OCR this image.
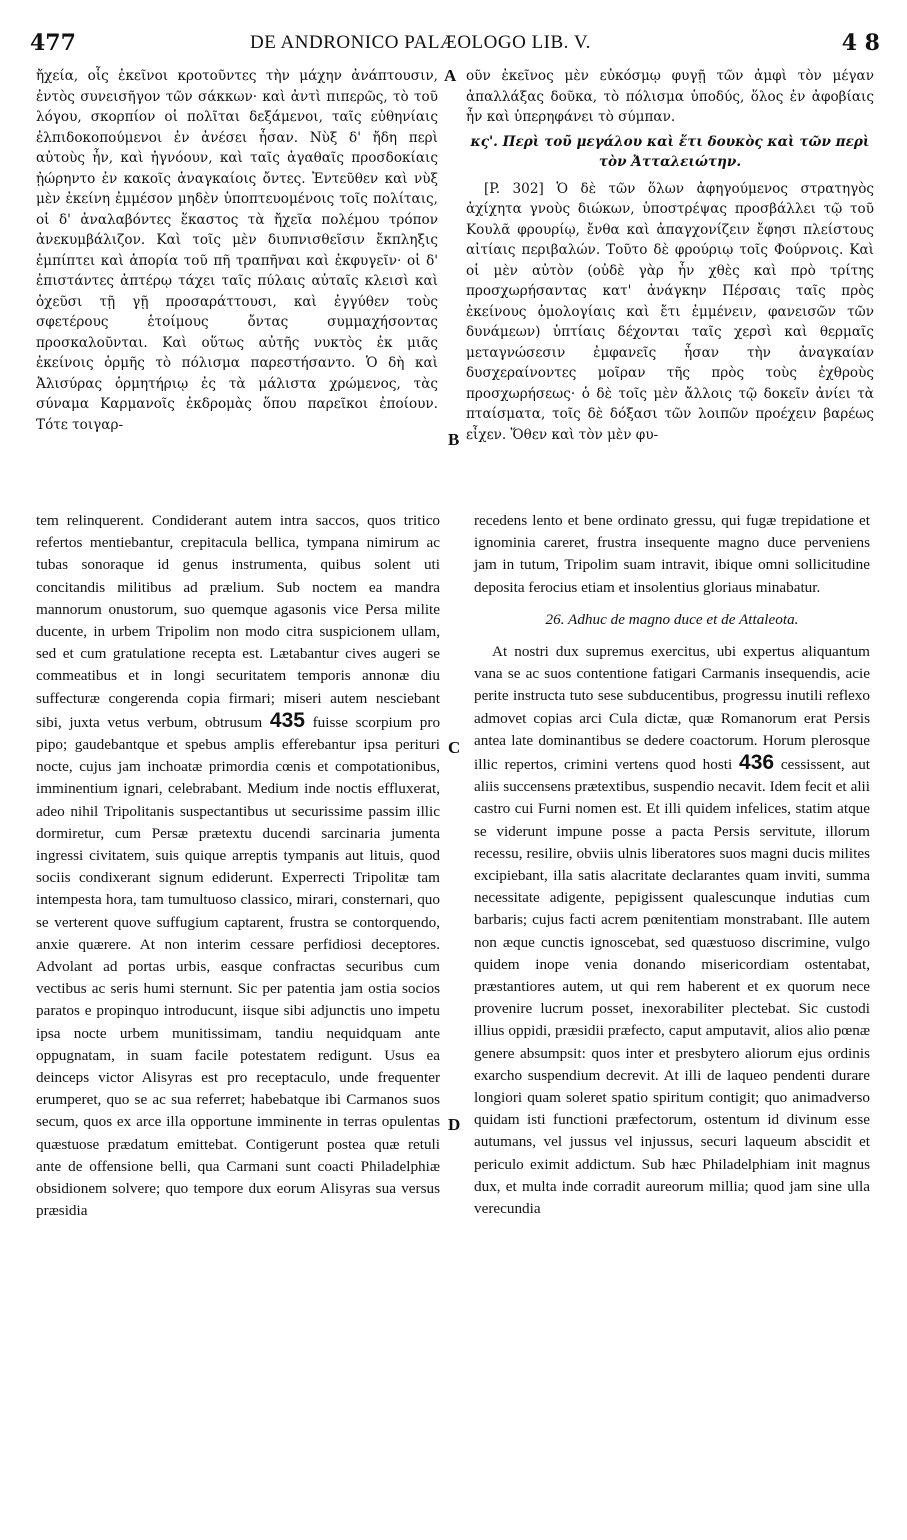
477	DE ANDRONICO PALÆOLOGO LIB. V.	4 8
A
B
C
D

ἤχεία, οἷς ἐκεῖνοι κροτοῦντες τὴν μάχην ἀνάπτουσιν, ἐντὸς συνεισῆγον τῶν σάκκων· καὶ ἀντὶ πιπερῶς, τὸ τοῦ λόγου, σκορπίον οἱ πολῖται δεξάμενοι, ταῖς εὐθηνίαις ἐλπιδοκοπούμενοι ἐν ἀνέσει ἦσαν. Νὺξ δ' ἤδη περὶ αὐτοὺς ἦν, καὶ ἠγνόουν, καὶ ταῖς ἀγαθαῖς προσδοκίαις ᾐώρηντο ἐν κακοῖς ἀναγκαίοις ὄντες. Ἐντεῦθεν καὶ νὺξ μὲν ἐκείνη ἐμμέσον μηδὲν ὑποπτευομένοις τοῖς πολίταις, οἱ δ' ἀναλαβόντες ἕκαστος τὰ ἤχεῖα πολέμου τρόπον ἀνεκυμβάλιζον. Καὶ τοῖς μὲν διυπνισθεῖσιν ἔκπληξις ἐμπίπτει καὶ ἀπορία τοῦ πῆ τραπῆναι καὶ ἐκφυγεῖν· οἱ δ' ἐπιστάντες ἀπτέρῳ τάχει ταῖς πύλαις αὐταῖς κλεισὶ καὶ ὀχεῦσι τῇ γῇ προσαράττουσι, καὶ ἐγγύθεν τοὺς σφετέρους ἑτοίμους ὄντας συμμαχήσοντας προσκαλοῦνται. Καὶ οὕτως αὐτῆς νυκτὸς ἐκ μιᾶς ἐκείνοις ὁρμῆς τὸ πόλισμα παρεστήσαντο. Ὁ δὴ καὶ Ἀλισύρας ὁρμητήριῳ ἐς τὰ μάλιστα χρώμενος, τὰς σύναμα Καρμανοῖς ἐκδρομὰς ὅπου παρεῖκοι ἐποίουν. Τότε τοιγαρ-

οῦν ἐκεῖνος μὲν εὐκόσμῳ φυγῇ τῶν ἀμφὶ τὸν μέγαν ἀπαλλάξας δοῦκα, τὸ πόλισμα ὑποδύς, ὅλος ἐν ἀφοβίαις ἦν καὶ ὑπερηφάνει τὸ σύμπαν.

κς'. Περὶ τοῦ μεγάλου καὶ ἔτι δουκὸς καὶ τῶν περὶ τὸν Ἀτταλειώτην.

[P. 302] Ὁ δὲ τῶν ὅλων ἀφηγούμενος στρατηγὸς ἀχίχητα γνοὺς διώκων, ὑποστρέψας προσβάλλει τῷ τοῦ Κουλᾶ φρουρίῳ, ἔνθα καὶ ἀπαγχονίζειν ἔφησι πλείστους αἰτίαις περιβαλών. Τοῦτο δὲ φρούριῳ τοῖς Φούρνοις. Καὶ οἱ μὲν αὐτὸν (οὐδὲ γὰρ ἦν χθὲς καὶ πρὸ τρίτης προσχωρήσαντας κατ' ἀνάγκην Πέρσαις ταῖς πρὸς ἐκείνους ὁμολογίαις καὶ ἔτι ἐμμένειν, φανεισῶν τῶν δυνάμεων) ὑπτίαις δέχονται ταῖς χερσὶ καὶ θερμαῖς μεταγνώσεσιν ἐμφανεῖς ἦσαν τὴν ἀναγκαίαν δυσχεραίνοντες μοῖραν τῆς πρὸς τοὺς ἐχθροὺς προσχωρήσεως· ὁ δὲ τοῖς μὲν ἄλλοις τῷ δοκεῖν ἀνίει τὰ πταίσματα, τοῖς δὲ δόξασι τῶν λοιπῶν προέχειν βαρέως εἶχεν. Ὅθεν καὶ τὸν μὲν φυ-

tem relinquerent. Condiderant autem intra saccos, quos tritico refertos mentiebantur, crepitacula bellica, tympana nimirum ac tubas sonoraque id genus instrumenta, quibus solent uti concitandis militibus ad prælium. Sub noctem ea mandra mannorum onustorum, suo quemque agasonis vice Persa milite ducente, in urbem Tripolim non modo citra suspicionem ullam, sed et cum gratulatione recepta est. Lætabantur cives augeri se commeatibus et in longi securitatem temporis annonæ diu suffecturæ congerenda copia firmari; miseri autem nesciebant sibi, juxta vetus verbum, obtrusum 435 fuisse scorpium pro pipo; gaudebantque et spebus amplis efferebantur ipsa perituri nocte, cujus jam inchoatæ primordia cœnis et compotationibus, imminentium ignari, celebrabant. Medium inde noctis effluxerat, adeo nihil Tripolitanis suspectantibus ut securissime passim illic dormiretur, cum Persæ prætextu ducendi sarcinaria jumenta ingressi civitatem, suis quique arreptis tympanis aut lituis, quod sociis condixerant signum ediderunt. Experrecti Tripolitæ tam intempesta hora, tam tumultuoso classico, mirari, consternari, quo se verterent quove suffugium captarent, frustra se contorquendo, anxie quærere. At non interim cessare perfidiosi deceptores. Advolant ad portas urbis, easque confractas securibus cum vectibus ac seris humi sternunt. Sic per patentia jam ostia socios paratos e propinquo introducunt, iisque sibi adjunctis uno impetu ipsa nocte urbem munitissimam, tandiu nequidquam ante oppugnatam, in suam facile potestatem redigunt. Usus ea deinceps victor Alisyras est pro receptaculo, unde frequenter erumperet, quo se ac sua referret; habebatque ibi Carmanos suos secum, quos ex arce illa opportune imminente in terras opulentas quæstuose prædatum emittebat. Contigerunt postea quæ retuli ante de offensione belli, qua Carmani sunt coacti Philadelphiæ obsidionem solvere; quo tempore dux eorum Alisyras sua versus præsidia

recedens lento et bene ordinato gressu, qui fugæ trepidatione et ignominia careret, frustra insequente magno duce perveniens jam in tutum, Tripolim suam intravit, ibique omni sollicitudine deposita ferocius etiam et insolentius gloriaus minabatur.

26. Adhuc de magno duce et de Attaleota.

At nostri dux supremus exercitus, ubi expertus aliquantum vana se ac suos contentione fatigari Carmanis insequendis, acie perite instructa tuto sese subducentibus, progressu inutili reflexo admovet copias arci Cula dictæ, quæ Romanorum erat Persis antea late dominantibus se dedere coactorum. Horum plerosque illic repertos, crimini vertens quod hosti 436 cessissent, aut aliis succensens prætextibus, suspendio necavit. Idem fecit et alii castro cui Furni nomen est. Et illi quidem infelices, statim atque se viderunt impune posse a pacta Persis servitute, illorum recessu, resilire, obviis ulnis liberatores suos magni ducis milites excipiebant, illa satis alacritate declarantes quam inviti, summa necessitate adigente, pepigissent qualescunque indutias cum barbaris; cujus facti acrem pœnitentiam monstrabant. Ille autem non æque cunctis ignoscebat, sed quæstuoso discrimine, vulgo quidem inope venia donando misericordiam ostentabat, præstantiores autem, ut qui rem haberent et ex quorum nece provenire lucrum posset, inexorabiliter plectebat. Sic custodi illius oppidi, præsidii præfecto, caput amputavit, alios alio pœnæ genere absumpsit: quos inter et presbytero aliorum ejus ordinis exarcho suspendium decrevit. At illi de laqueo pendenti durare longiori quam soleret spatio spiritum contigit; quo animadverso quidam isti functioni præfectorum, ostentum id divinum esse autumans, vel jussus vel injussus, securi laqueum abscidit et periculo eximit addictum. Sub hæc Philadelphiam init magnus dux, et multa inde corradit aureorum millia; quod jam sine ulla verecundia
